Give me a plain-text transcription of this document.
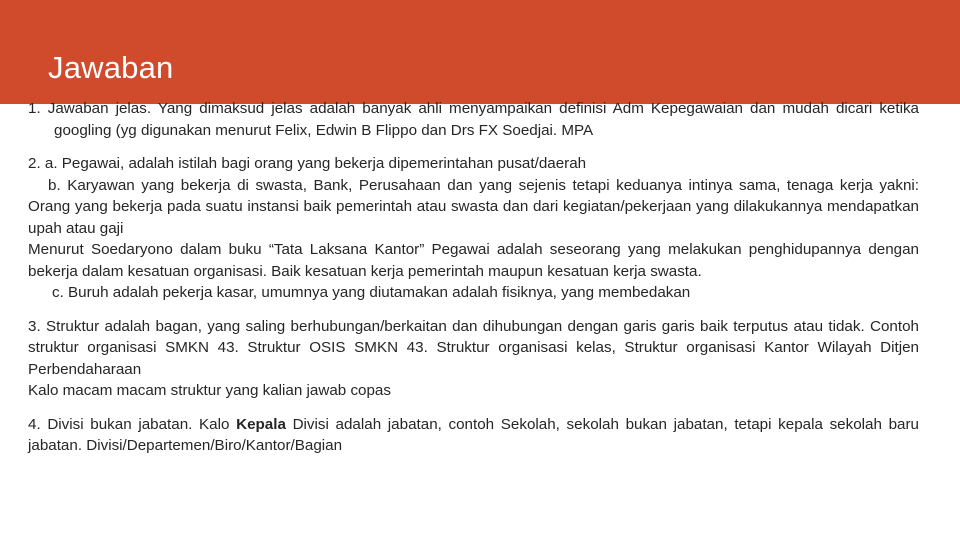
Jawaban

1. Jawaban jelas. Yang dimaksud jelas adalah banyak ahli menyampaikan definisi Adm Kepegawaian dan mudah dicari ketika googling (yg digunakan menurut Felix, Edwin B Flippo dan Drs FX Soedjai. MPA

2. a. Pegawai, adalah istilah bagi orang yang bekerja dipemerintahan pusat/daerah

b. Karyawan yang bekerja di swasta, Bank, Perusahaan dan yang sejenis tetapi keduanya intinya sama, tenaga kerja yakni: Orang yang bekerja pada suatu instansi baik pemerintah atau swasta dan dari kegiatan/pekerjaan yang dilakukannya mendapatkan upah atau gaji

Menurut Soedaryono dalam buku “Tata Laksana Kantor” Pegawai adalah seseorang yang melakukan penghidupannya dengan bekerja dalam kesatuan organisasi. Baik kesatuan kerja pemerintah maupun kesatuan kerja swasta.

c. Buruh adalah pekerja kasar, umumnya yang diutamakan adalah fisiknya, yang membedakan

3. Struktur adalah bagan, yang saling berhubungan/berkaitan dan dihubungan dengan garis garis baik terputus atau tidak. Contoh struktur organisasi SMKN 43. Struktur OSIS SMKN 43. Struktur organisasi kelas, Struktur organisasi Kantor Wilayah Ditjen Perbendaharaan

Kalo macam macam struktur yang kalian jawab copas

4. Divisi bukan jabatan. Kalo Kepala Divisi adalah jabatan, contoh Sekolah, sekolah bukan jabatan, tetapi kepala sekolah baru jabatan. Divisi/Departemen/Biro/Kantor/Bagian
